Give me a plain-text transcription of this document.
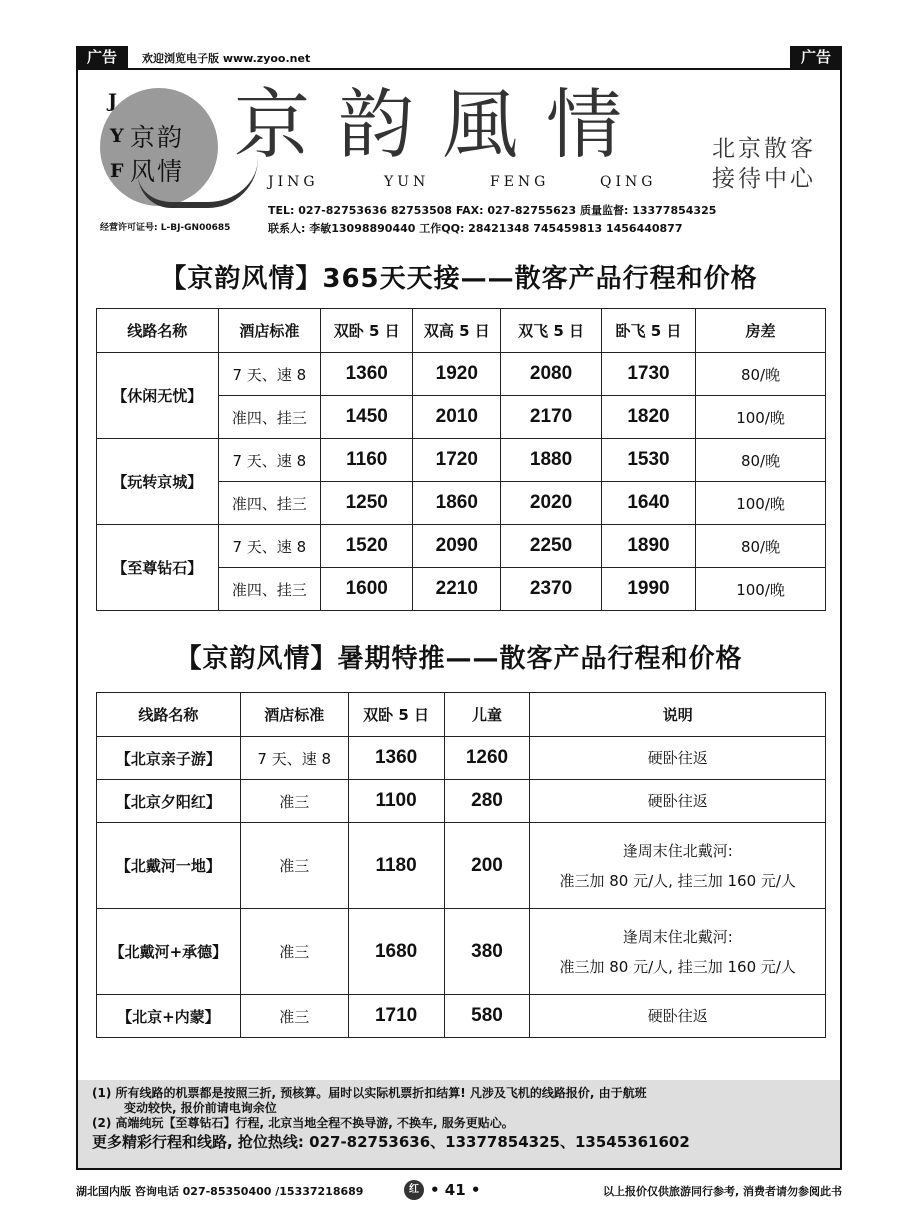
广告	欢迎浏览电子版 www.zyoo.net	广告
J
Y
F
京韵
风情
京韵風情
JING	YUN	FENG	QING
北京散客
接待中心
TEL: 027-82753636 82753508 FAX: 027-82755623 质量监督: 13377854325
经营许可证号: L-BJ-GN00685	联系人: 李敏13098890440 工作QQ: 28421348 745459813 1456440877
【京韵风情】365天天接——散客产品行程和价格
线路名称	酒店标准	双卧 5 日	双高 5 日	双飞 5 日	卧飞 5 日	房差
【休闲无忧】	7 天、速 8	1360	1920	2080	1730	80/晚
	准四、挂三	1450	2010	2170	1820	100/晚
【玩转京城】	7 天、速 8	1160	1720	1880	1530	80/晚
	准四、挂三	1250	1860	2020	1640	100/晚
【至尊钻石】	7 天、速 8	1520	2090	2250	1890	80/晚
	准四、挂三	1600	2210	2370	1990	100/晚
【京韵风情】暑期特推——散客产品行程和价格
线路名称	酒店标准	双卧 5 日	儿童	说明
【北京亲子游】	7 天、速 8	1360	1260	硬卧往返

【北京夕阳红】	准三	1100	280	硬卧往返

【北戴河一地】	准三	1180	200	逢周末住北戴河:
准三加 80 元/人, 挂三加 160 元/人

【北戴河+承德】	准三	1680	380	逢周末住北戴河:
准三加 80 元/人, 挂三加 160 元/人

【北京+内蒙】	准三	1710	580	硬卧往返
(1) 所有线路的机票都是按照三折, 预核算。届时以实际机票折扣结算! 凡涉及飞机的线路报价, 由于航班
变动较快, 报价前请电询余位
(2) 高端纯玩【至尊钻石】行程, 北京当地全程不换导游, 不换车, 服务更贴心。
更多精彩行程和线路, 抢位热线: 027-82753636、13377854325、13545361602
湖北国内版 咨询电话 027-85350400 /15337218689	红 • 41 •	以上报价仅供旅游同行参考, 消费者请勿参阅此书
